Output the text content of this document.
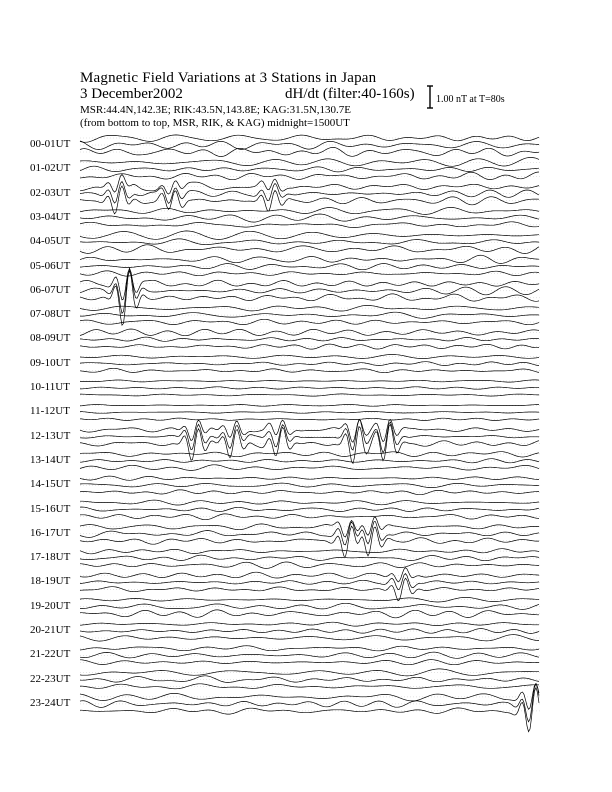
Magnetic Field Variations at 3 Stations in Japan
3 December2002	dH/dt (filter:40-160s)
MSR:44.4N,142.3E; RIK:43.5N,143.8E; KAG:31.5N,130.7E
(from bottom to top, MSR, RIK, & KAG) midnight=1500UT
1.00 nT at T=80s
00-01UT
01-02UT
02-03UT
03-04UT
04-05UT
05-06UT
06-07UT
07-08UT
08-09UT
09-10UT
10-11UT
11-12UT
12-13UT
13-14UT
14-15UT
15-16UT
16-17UT
17-18UT
18-19UT
19-20UT
20-21UT
21-22UT
22-23UT
23-24UT
